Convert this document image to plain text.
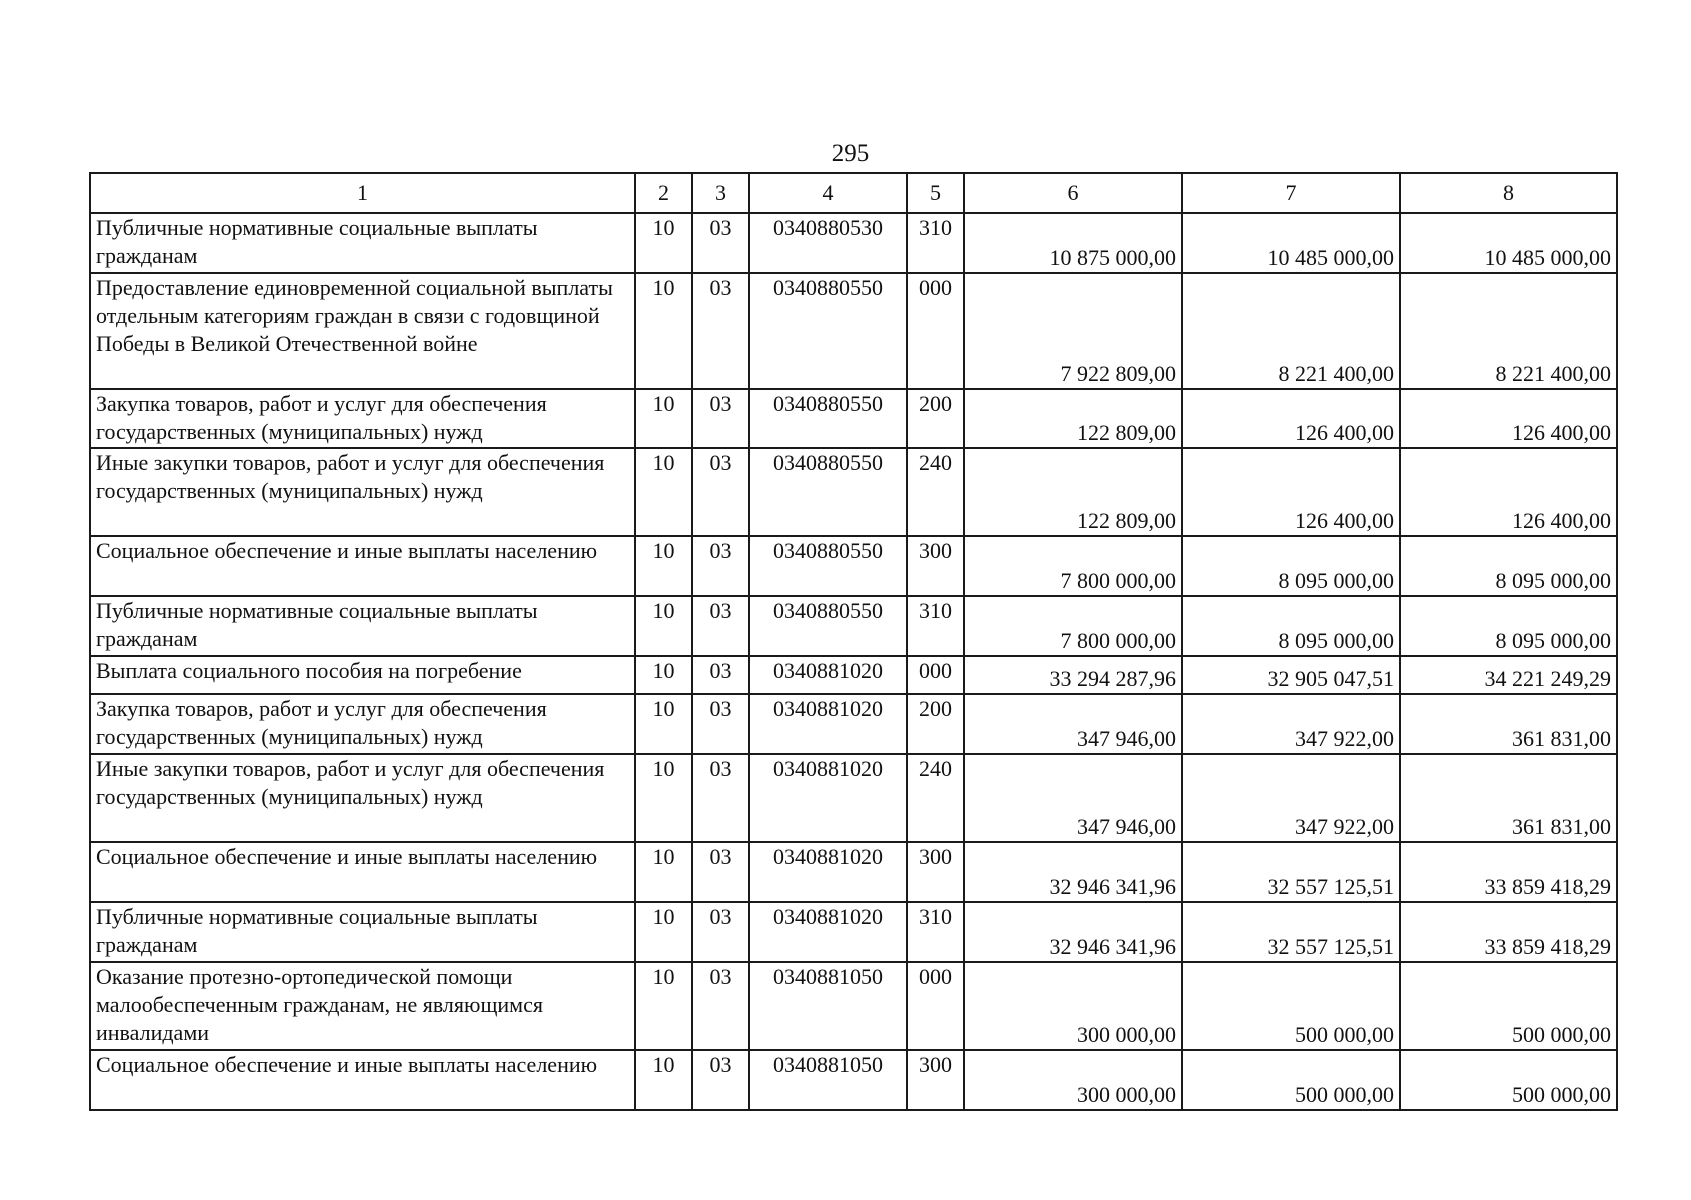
295
1	2	3	4	5	6	7	8
Публичные нормативные социальные выплаты гражданам	10	03	0340880530	310	10 875 000,00	10 485 000,00	10 485 000,00
Предоставление единовременной социальной выплаты отдельным категориям граждан в связи с годовщиной Победы в Великой Отечественной войне	10	03	0340880550	000	7 922 809,00	8 221 400,00	8 221 400,00
Закупка товаров, работ и услуг для обеспечения государственных (муниципальных) нужд	10	03	0340880550	200	122 809,00	126 400,00	126 400,00
Иные закупки товаров, работ и услуг для обеспечения государственных (муниципальных) нужд	10	03	0340880550	240	122 809,00	126 400,00	126 400,00
Социальное обеспечение и иные выплаты населению	10	03	0340880550	300	7 800 000,00	8 095 000,00	8 095 000,00
Публичные нормативные социальные выплаты гражданам	10	03	0340880550	310	7 800 000,00	8 095 000,00	8 095 000,00
Выплата социального пособия на погребение	10	03	0340881020	000	33 294 287,96	32 905 047,51	34 221 249,29
Закупка товаров, работ и услуг для обеспечения государственных (муниципальных) нужд	10	03	0340881020	200	347 946,00	347 922,00	361 831,00
Иные закупки товаров, работ и услуг для обеспечения государственных (муниципальных) нужд	10	03	0340881020	240	347 946,00	347 922,00	361 831,00
Социальное обеспечение и иные выплаты населению	10	03	0340881020	300	32 946 341,96	32 557 125,51	33 859 418,29
Публичные нормативные социальные выплаты гражданам	10	03	0340881020	310	32 946 341,96	32 557 125,51	33 859 418,29
Оказание протезно-ортопедической помощи малообеспеченным гражданам, не являющимся инвалидами	10	03	0340881050	000	300 000,00	500 000,00	500 000,00
Социальное обеспечение и иные выплаты населению	10	03	0340881050	300	300 000,00	500 000,00	500 000,00
